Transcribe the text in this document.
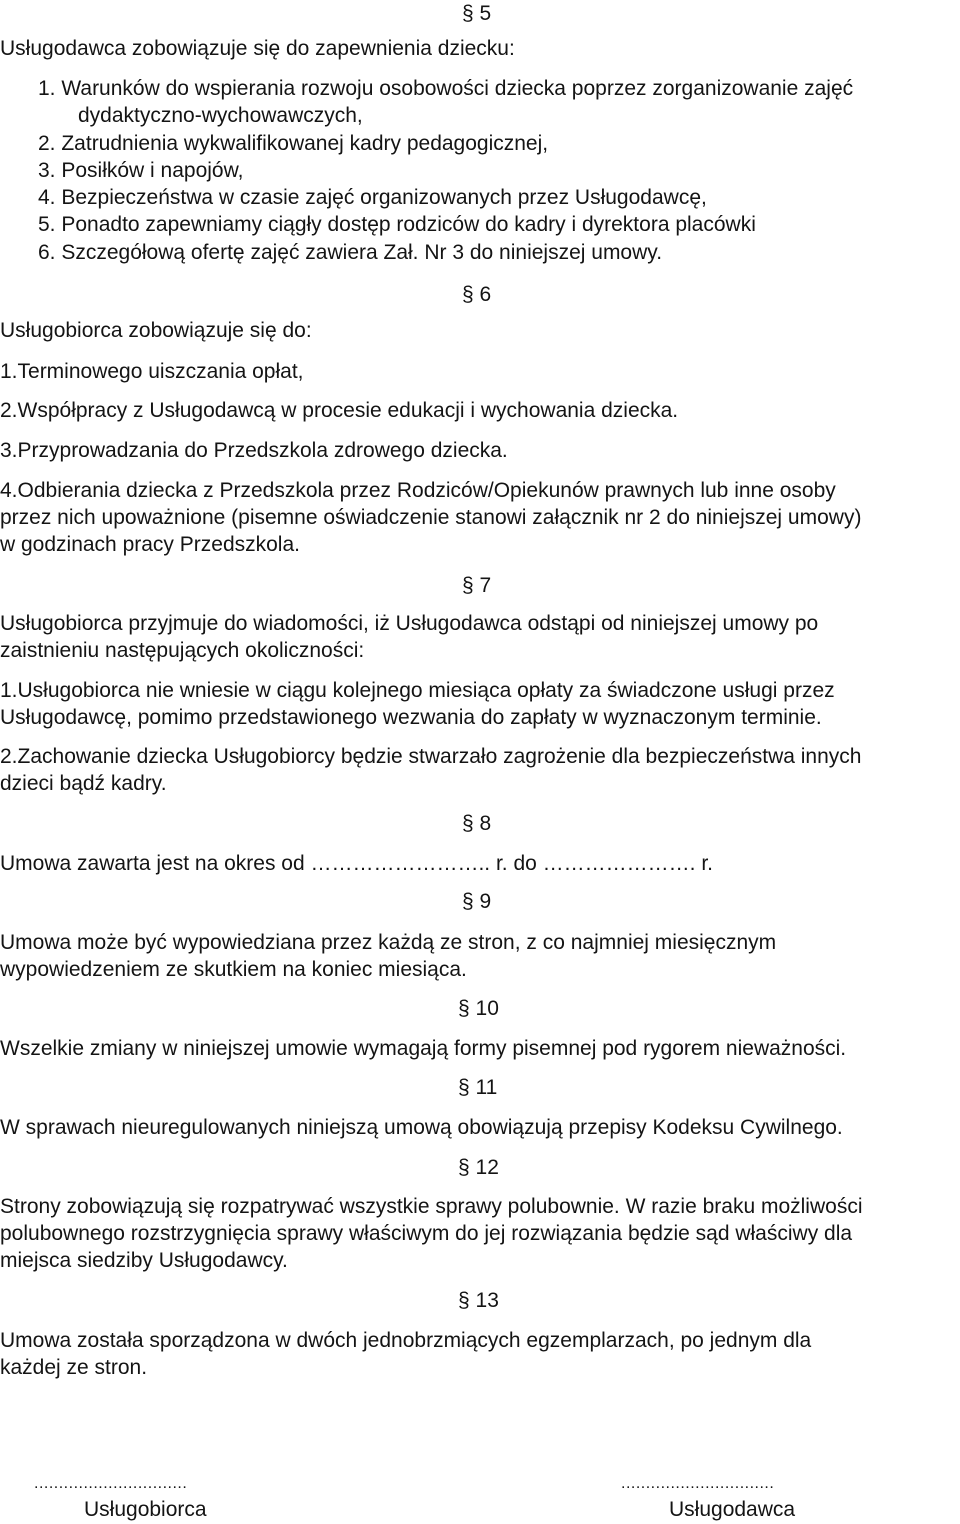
§ 5
Usługodawca zobowiązuje się do zapewnienia dziecku:
1. Warunków do wspierania rozwoju osobowości dziecka poprzez zorganizowanie zajęć
dydaktyczno-wychowawczych,
2. Zatrudnienia wykwalifikowanej kadry pedagogicznej,
3. Posiłków i napojów,
4. Bezpieczeństwa w czasie zajęć organizowanych przez Usługodawcę,
5. Ponadto zapewniamy ciągły dostęp rodziców do kadry i dyrektora placówki
6. Szczegółową ofertę zajęć zawiera Zał. Nr 3 do niniejszej umowy.
§ 6
Usługobiorca zobowiązuje się do:
1.Terminowego uiszczania opłat,
2.Współpracy z Usługodawcą w procesie edukacji i wychowania dziecka.
3.Przyprowadzania do Przedszkola zdrowego dziecka.
4.Odbierania dziecka z Przedszkola przez Rodziców/Opiekunów prawnych lub inne osoby
przez nich upoważnione (pisemne oświadczenie stanowi załącznik nr 2 do niniejszej umowy)
w godzinach pracy Przedszkola.
§ 7
Usługobiorca przyjmuje do wiadomości, iż Usługodawca odstąpi od niniejszej umowy po
zaistnieniu następujących okoliczności:
1.Usługobiorca nie wniesie w ciągu kolejnego miesiąca opłaty za świadczone usługi przez
Usługodawcę, pomimo przedstawionego wezwania do zapłaty w wyznaczonym terminie.
2.Zachowanie dziecka Usługobiorcy będzie stwarzało zagrożenie dla bezpieczeństwa innych
dzieci bądź kadry.
§ 8
Umowa zawarta jest na okres od …………………….. r. do …………………. r.
§ 9
Umowa może być wypowiedziana przez każdą ze stron, z co najmniej miesięcznym
wypowiedzeniem ze skutkiem na koniec miesiąca.
§ 10
Wszelkie zmiany w niniejszej umowie wymagają formy pisemnej pod rygorem nieważności.
§ 11
W sprawach nieuregulowanych niniejszą umową obowiązują przepisy Kodeksu Cywilnego.
§ 12
Strony zobowiązują się rozpatrywać wszystkie sprawy polubownie. W razie braku możliwości
polubownego rozstrzygnięcia sprawy właściwym do jej rozwiązania będzie sąd właściwy dla
miejsca siedziby Usługodawcy.
§ 13
Umowa została sporządzona w dwóch jednobrzmiących egzemplarzach, po jednym dla
każdej ze stron.
...............................
Usługobiorca
...............................
Usługodawca
